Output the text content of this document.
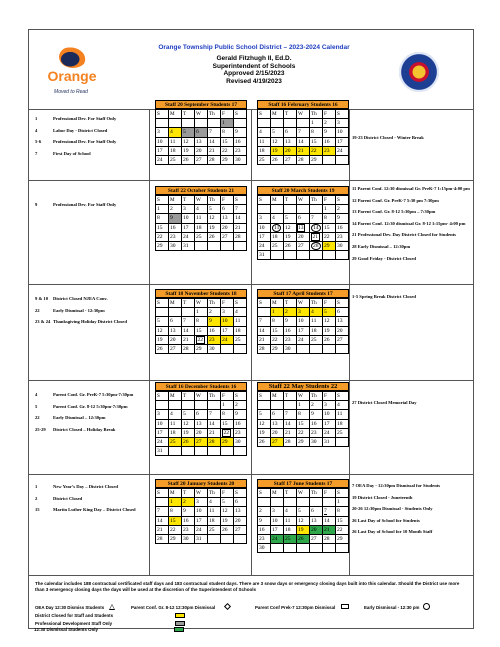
Orange
Moved to Read
Orange Township Public School District – 2023-2024 Calendar
Gerald Fitzhugh II, Ed.D.
Superintendent of Schools
Approved 2/15/2023
Revised 4/19/2023
1	Professional Dev. For Staff Only
4	Labor Day - District Closed
5-6	Professional Dev. For Staff Only
7	First Day of School
9	Professional Dev. For Staff Only
9 & 10	District Closed NJEA Conv.
22	Early Dismissal - 12:30pm
23 & 24 Thanksgiving Holiday District Closed
4	Parent Conf. Gr. PreK-7 5:30pm-7:30pm
5	Parent Conf. Gr. 8-12 5:30pm-7:30pm
22	Early Dismissal – 12:30pm
25-29	District Closed – Holiday Break
1	New Year’s Day – District Closed
2	District Closed
15	Martin Luther King Day – District Closed
19-23 District Closed - Winter Break
11 Parent Conf. 12:30 dismissal Gr. PreK-7 1:15pm-4:00 pm
12 Parent Conf. Gr. PreK-7 5:30 pm 7:30pm
13 Parent Conf. Gr. 8-12 5:30pm – 7:30pm
14 Parent Conf. 12:30 dismissal Gr. 8-12 1:15pm- 4:00 pm
21 Professional Dev. Day District Closed for Students
28 Early Dismissal – 12:30pm
29 Good Friday - District Closed
1-5 Spring Break District Closed
27 District Closed Memorial Day
7 OEA Day - 12:30pm Dismissal for Students
19 District Closed - Juneteenth
20-26 12:30pm Dismissal - Students Only
26 Last Day of School for Students
26 Last Day of School for 10 Month Staff
Staff 20 September Students 17
S	M	T	W	Th	F	S
					1	
3	4	5	6	7	8	9
10	11	12	13	14	15	16
17	18	19	20	21	22	23
24	25	26	27	28	29	30
Staff 16 February Students 16
S	M	T	W	Th	F	S
				1	2	3
4	5	6	7	8	9	10
11	12	13	14	15	16	17
18	19	20	21	22	23	24
25	26	27	28	29		
Staff 22 October Students 21
S	M	T	W	Th	F	S
1	2	3	4	5	6	7
8	9	10	11	12	13	14
15	16	17	18	19	20	21
22	23	24	25	26	27	28
29	30	31				
Staff 20 March Students 19
S	M	T	W	Th	F	S
					1	2
3	4	5	6	7	8	9
10	11	12	13	14	15	16
17	18	19	20	21	22	23
24	25	26	27	28	29	30
31						
Staff 18 November Students 18
S	M	T	W	Th	F	S
			1	2	3	4
5	6	7	8	9	10	11
12	13	14	15	16	17	18
19	20	21	22	23	24	25
26	27	28	29	30		
Staff 17 April Students 17
S	M	T	W	Th	F	S
	1	2	3	4	5	6
7	8	9	10	11	12	13
14	15	16	17	18	19	20
21	22	23	24	25	26	27
28	29	30				
Staff 16 December Students 16
S	M	T	W	Th	F	S
					1	2
3	4	5	6	7	8	9
10	11	12	13	14	15	16
17	18	19	20	21	22	23
24	25	26	27	28	29	30
31						
Staff 22 May Students 22
S	M	T	W	Th	F	S
			1	2	3	4
5	6	7	8	9	10	11
12	13	14	15	16	17	18
19	20	21	22	23	24	25
26	27	28	29	30	31	
Staff 20 January Students 20
S	M	T	W	Th	F	S
	1	2	3	4	5	6
7	8	9	10	11	12	13
14	15	16	17	18	19	20
21	22	23	24	25	26	27
28	29	30	31			
Staff 17 June Students 17
S	M	T	W	Th	F	S
						1
2	3	4	5	6	7	8
9	10	11	12	13	14	15
16	17	18	19	20	21	22
23	24	25	26	27	28	29
30						
The calendar includes 188 contractual certificated staff days and 183 contractual student days. There are 3 snow days or emergency closing days built into this calendar. Should the District use more than 3 emergency closing days the days will be used at the discretion of the Superintendent of Schools
OEA Day 12:30 Dismiss Students	Parent Conf. Gr. 8-12 12:30pm Dismissal	Parent Conf Prek-7 12:30pm Dismissal	Early Dismissal - 12:30 pm
District Closed for Staff and Students
Professional Development Staff Only
12:30 Dismissal Students Only
